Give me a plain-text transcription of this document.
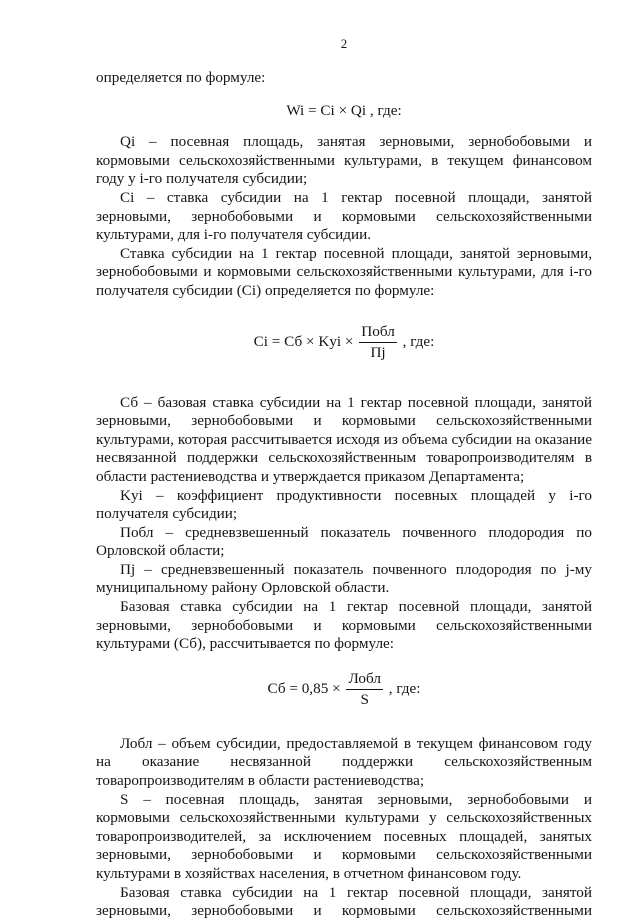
2

определяется по формуле:

Wi = Ci × Qi , где:

Qi – посевная площадь, занятая зерновыми, зернобобовыми и кормовыми сельскохозяйственными культурами, в текущем финансовом году у i-го получателя субсидии;

Ci – ставка субсидии на 1 гектар посевной площади, занятой зерновыми, зернобобовыми и кормовыми сельскохозяйственными культурами, для i-го получателя субсидии.

Ставка субсидии на 1 гектар посевной площади, занятой зерновыми, зернобобовыми и кормовыми сельскохозяйственными культурами, для i-го получателя субсидии (Ci) определяется по формуле:

Ci = Сб × Kyi × $\frac{\text{Побл}}{Пj}$ , где:

Сб – базовая ставка субсидии на 1 гектар посевной площади, занятой зерновыми, зернобобовыми и кормовыми сельскохозяйственными культурами, которая рассчитывается исходя из объема субсидии на оказание несвязанной поддержки сельскохозяйственным товаропроизводителям в области растениеводства и утверждается приказом Департамента;

Kyi – коэффициент продуктивности посевных площадей у i-го получателя субсидии;

Побл – средневзвешенный показатель почвенного плодородия по Орловской области;

Пj – средневзвешенный показатель почвенного плодородия по j-му муниципальному району Орловской области.

Базовая ставка субсидии на 1 гектар посевной площади, занятой зерновыми, зернобобовыми и кормовыми сельскохозяйственными культурами (Сб), рассчитывается по формуле:

Сб = $0,85 \times \frac{\text{Лобл}}{S}$ , где:

Лобл – объем субсидии, предоставляемой в текущем финансовом году на оказание несвязанной поддержки сельскохозяйственным товаропроизводителям в области растениеводства;

S – посевная площадь, занятая зерновыми, зернобобовыми и кормовыми сельскохозяйственными культурами у сельскохозяйственных товаропроизводителей, за исключением посевных площадей, занятых зерновыми, зернобобовыми и кормовыми сельскохозяйственными культурами в хозяйствах населения, в отчетном финансовом году.

Базовая ставка субсидии на 1 гектар посевной площади, занятой

зерновыми, зернобобовыми и кормовыми сельскохозяйственными
